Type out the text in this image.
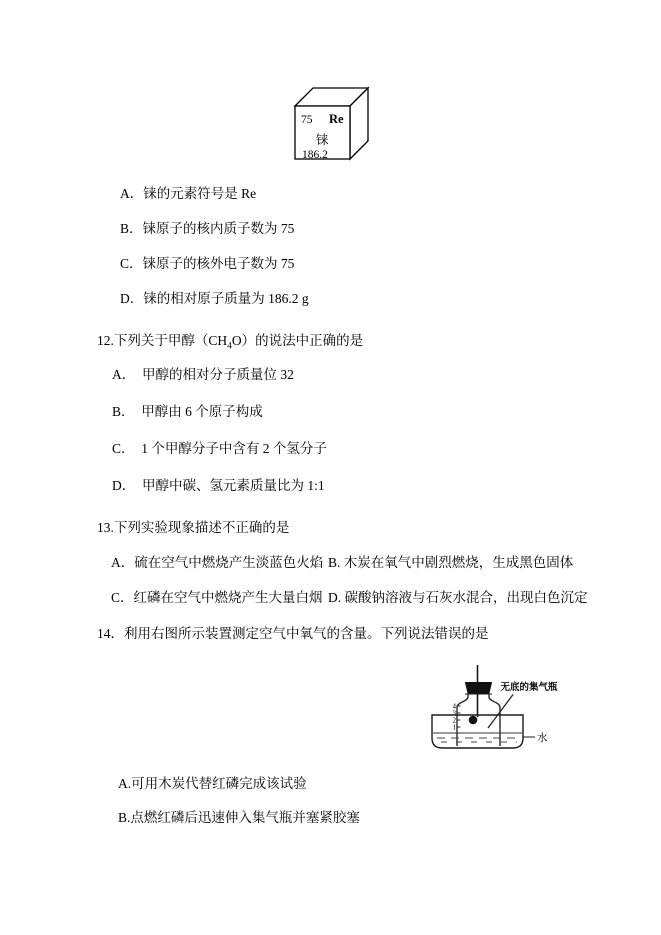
75 Re
铼
186.2
A．铼的元素符号是 Re
B．铼原子的核内质子数为 75
C．铼原子的核外电子数为 75
D．铼的相对原子质量为 186.2 g
12.下列关于甲醇$(CH_4O)$的说法中正确的是
A．　甲醇的相对分子质量位 32
B．　甲醇由 6 个原子构成
C．　1 个甲醇分子中含有 2 个氢分子
D．　甲醇中碳、氢元素质量比为 1:1
13.下列实验现象描述不正确的是
A．硫在空气中燃烧产生淡蓝色火焰 B. 木炭在氧气中剧烈燃烧，生成黑色固体
C．红磷在空气中燃烧产生大量白烟 D. 碳酸钠溶液与石灰水混合，出现白色沉定
14．利用右图所示装置测定空气中氧气的含量。下列说法错误的是
4
3
2
1
无底的集气瓶
水
A.可用木炭代替红磷完成该试验
B.点燃红磷后迅速伸入集气瓶并塞紧胶塞
